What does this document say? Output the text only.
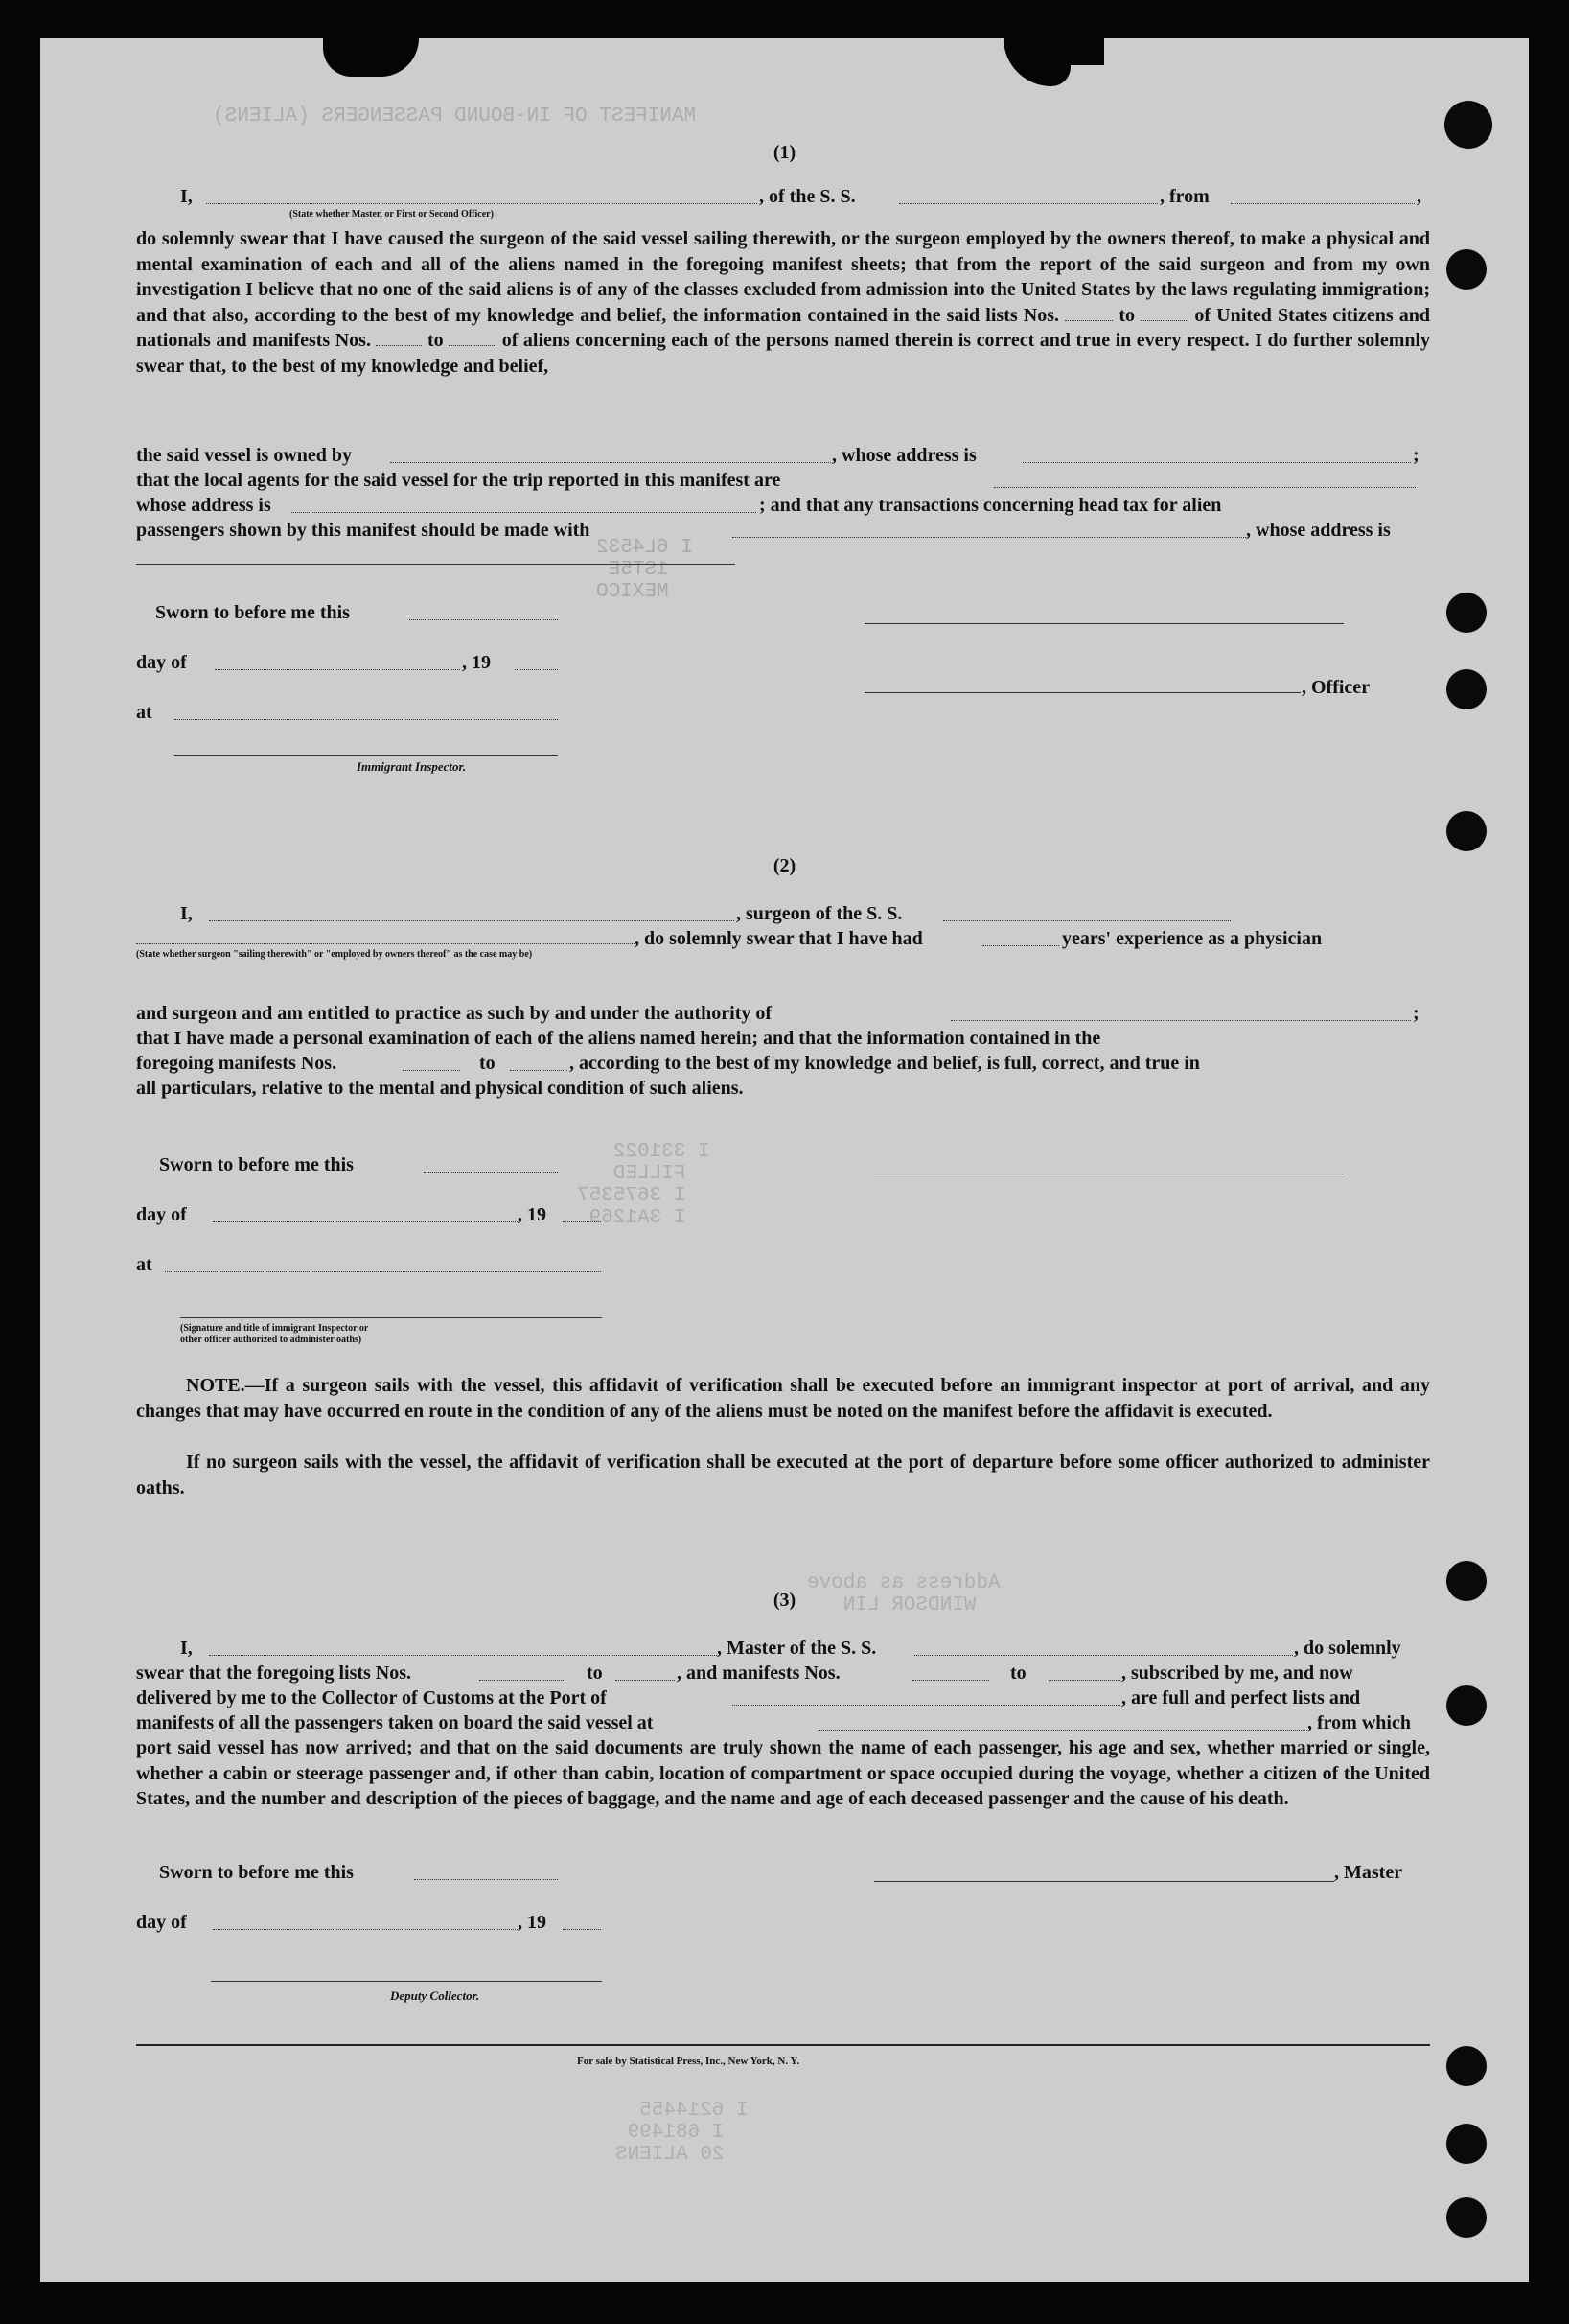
MANIFEST OF IN-BOUND PASSENGERS (ALIENS)
I 6L4532
1ST5E
MEXICO
I 331022
FILLED
I 3675357
I 3A1269
Address as above
WINDSOR LIN
I 6214455
I 681499
20 ALIENS
(1)
I,	, of the S. S.	, from	,
(State whether Master, or First or Second Officer)
do solemnly swear that I have caused the surgeon of the said vessel sailing therewith, or the surgeon employed by the owners thereof, to make a physical and mental examination of each and all of the aliens named in the foregoing manifest sheets; that from the report of the said surgeon and from my own investigation I believe that no one of the said aliens is of any of the classes excluded from admission into the United States by the laws regulating immigration; and that also, according to the best of my knowledge and belief, the information contained in the said lists Nos.	to	of United States citizens and nationals and manifests Nos.	to	of aliens concerning each of the persons named therein is correct and true in every respect. I do further solemnly swear that, to the best of my knowledge and belief,
the said vessel is owned by	, whose address is	;
that the local agents for the said vessel for the trip reported in this manifest are
whose address is	; and that any transactions concerning head tax for alien
passengers shown by this manifest should be made with	, whose address is
Sworn to before me this
day of	, 19
, Officer
at
Immigrant Inspector.
(2)
I,	, surgeon of the S. S.
, do solemnly swear that I have had	years' experience as a physician
(State whether surgeon "sailing therewith" or "employed by owners thereof" as the case may be)
and surgeon and am entitled to practice as such by and under the authority of	;
that I have made a personal examination of each of the aliens named herein; and that the information contained in the
foregoing manifests Nos.	to	, according to the best of my knowledge and belief, is full, correct, and true in
all particulars, relative to the mental and physical condition of such aliens.
Sworn to before me this
day of	, 19
at
(Signature and title of immigrant Inspector or
other officer authorized to administer oaths)
NOTE.—If a surgeon sails with the vessel, this affidavit of verification shall be executed before an immigrant inspector at port of arrival, and any changes that may have occurred en route in the condition of any of the aliens must be noted on the manifest before the affidavit is executed.
If no surgeon sails with the vessel, the affidavit of verification shall be executed at the port of departure before some officer authorized to administer oaths.
(3)
I,	, Master of the S. S.	, do solemnly
swear that the foregoing lists Nos.	to	, and manifests Nos.	to	, subscribed by me, and now
delivered by me to the Collector of Customs at the Port of	, are full and perfect lists and
manifests of all the passengers taken on board the said vessel at	, from which
port said vessel has now arrived; and that on the said documents are truly shown the name of each passenger, his age and sex, whether married or single, whether a cabin or steerage passenger and, if other than cabin, location of compartment or space occupied during the voyage, whether a citizen of the United States, and the number and description of the pieces of baggage, and the name and age of each deceased passenger and the cause of his death.
Sworn to before me this	, Master
day of	, 19
Deputy Collector.
For sale by Statistical Press, Inc., New York, N. Y.
